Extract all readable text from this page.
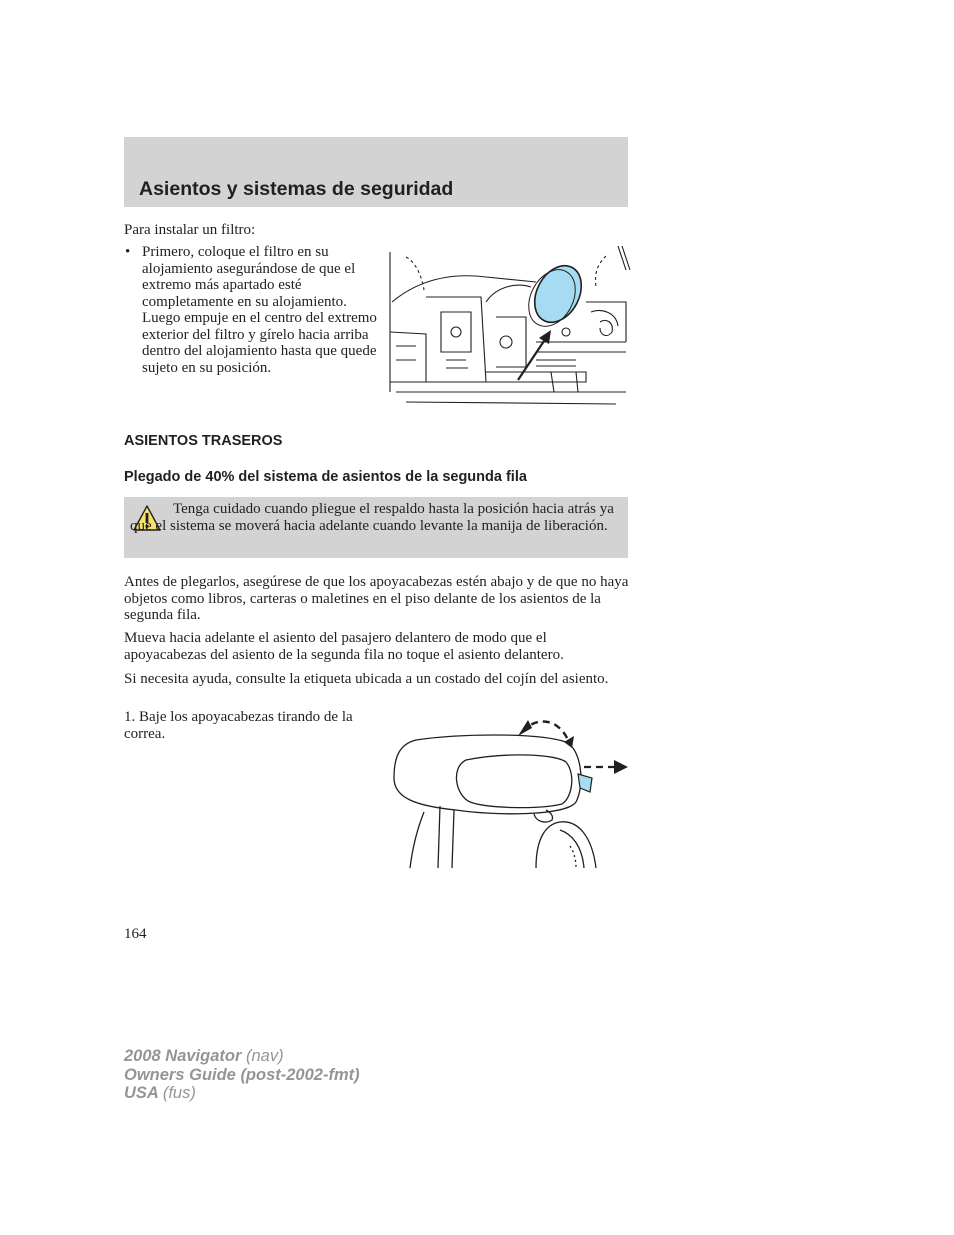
Asientos y sistemas de seguridad
Para instalar un filtro:
• Primero, coloque el filtro en su alojamiento asegurándose de que el extremo más apartado esté completamente en su alojamiento. Luego empuje en el centro del extremo exterior del filtro y gírelo hacia arriba dentro del alojamiento hasta que quede sujeto en su posición.
ASIENTOS TRASEROS
Plegado de 40% del sistema de asientos de la segunda fila
Tenga cuidado cuando pliegue el respaldo hasta la posición hacia atrás ya que el sistema se moverá hacia adelante cuando levante la manija de liberación.
Antes de plegarlos, asegúrese de que los apoyacabezas estén abajo y de que no haya objetos como libros, carteras o maletines en el piso delante de los asientos de la segunda fila.
Mueva hacia adelante el asiento del pasajero delantero de modo que el apoyacabezas del asiento de la segunda fila no toque el asiento delantero.
Si necesita ayuda, consulte la etiqueta ubicada a un costado del cojín del asiento.
1. Baje los apoyacabezas tirando de la correa.
164
2008 Navigator (nav)
Owners Guide (post-2002-fmt)
USA (fus)
